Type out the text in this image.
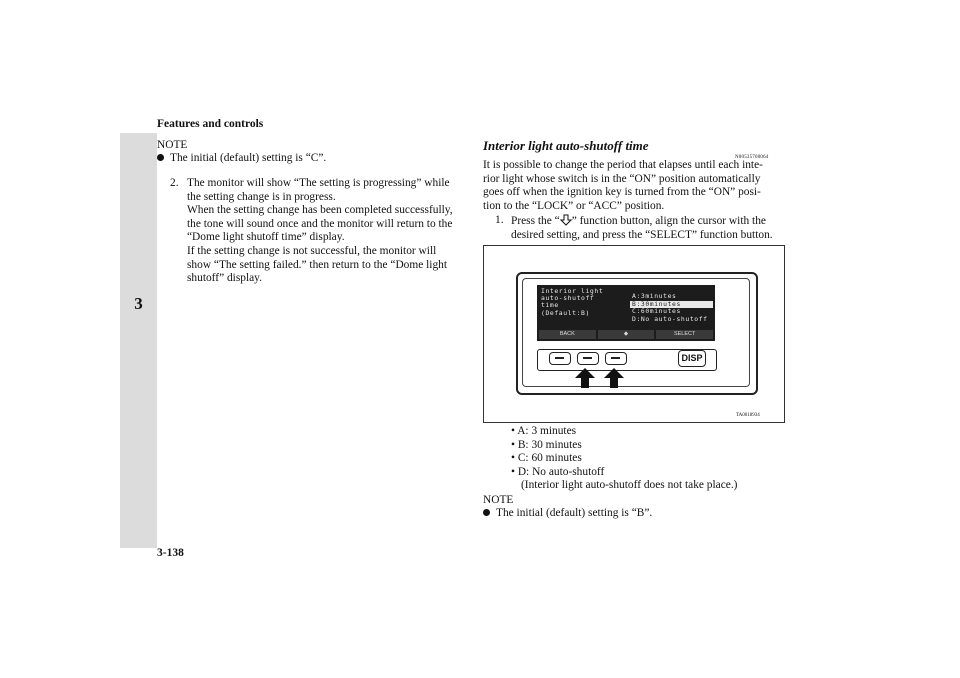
Features and controls
3
NOTE
The initial (default) setting is “C”.
2. The monitor will show “The setting is progressing” while
the setting change is in progress.
When the setting change has been completed successfully,
the tone will sound once and the monitor will return to the
“Dome light shutoff time” display.
If the setting change is not successful, the monitor will
show “The setting failed.” then return to the “Dome light
shutoff” display.
Interior light auto-shutoff time
N00535700064
It is possible to change the period that elapses until each inte-
rior light whose switch is in the “ON” position automatically
goes off when the ignition key is turned from the “ON” posi-
tion to the “LOCK” or “ACC” position.
1. Press the “ ” function button, align the cursor with the
desired setting, and press the “SELECT” function button.
Interior light
auto-shutoff
time
(Default:B)
A:3minutes
B:30minutes
C:60minutes
D:No auto-shutoff
BACK	◆	SELECT
DISP
TA0018934
• A: 3 minutes
• B: 30 minutes
• C: 60 minutes
• D: No auto-shutoff
(Interior light auto-shutoff does not take place.)
NOTE
The initial (default) setting is “B”.
3-138
